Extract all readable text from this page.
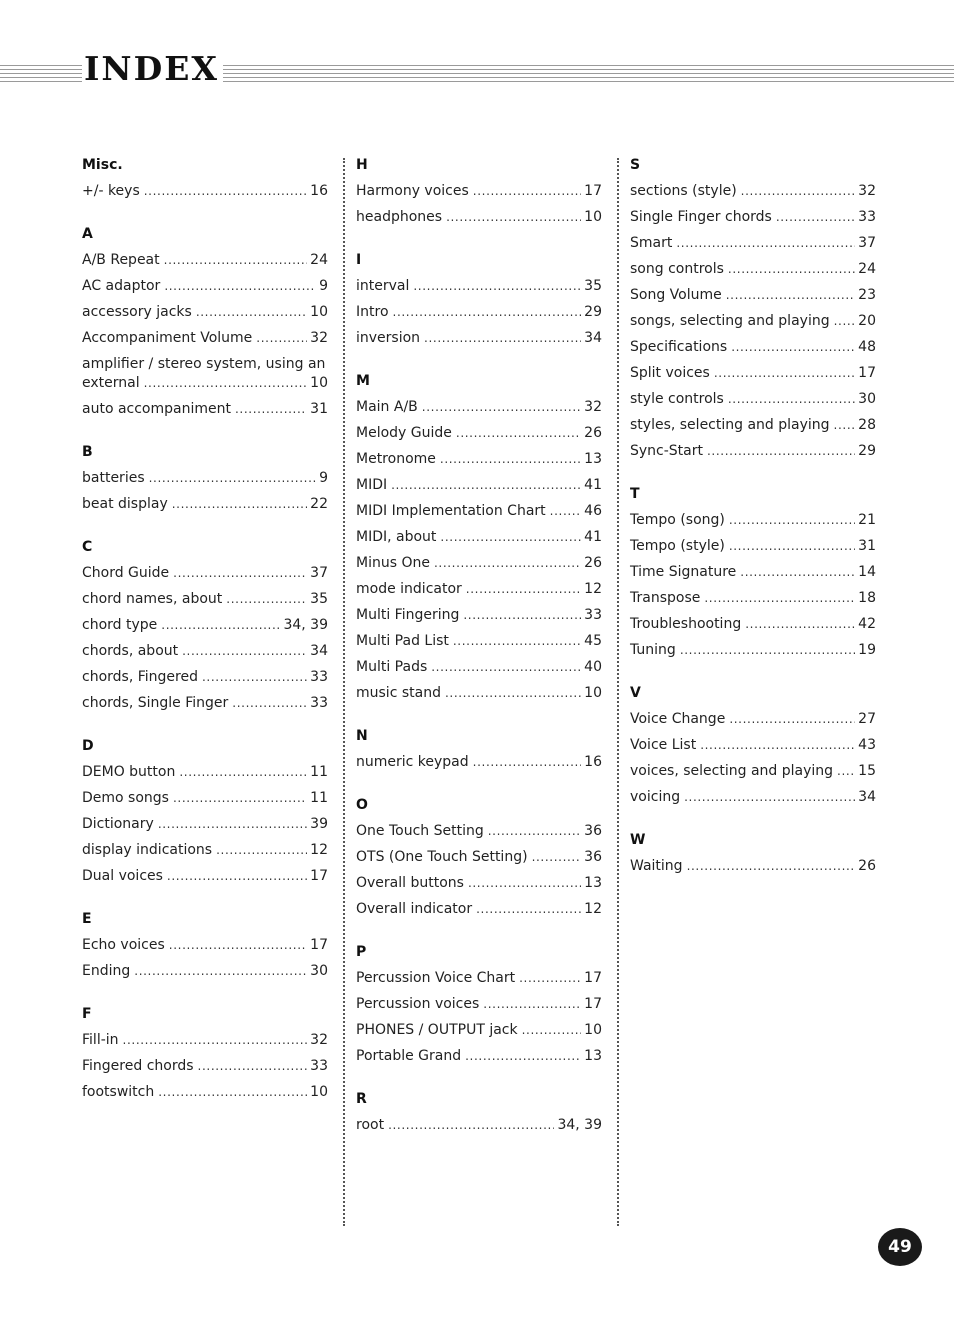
INDEX
Misc.
+/- keys . . .	16
A
A/B Repeat . . .	24
AC adaptor . . .	9
accessory jacks . . .	10
Accompaniment Volume . . .	32
amplifier / stereo system, using an
external . . .	10
auto accompaniment . . .	31
B
batteries . . .	9
beat display . . .	22
C
Chord Guide . . .	37
chord names, about . . .	35
chord type . . .	34, 39
chords, about . . .	34
chords, Fingered . . .	33
chords, Single Finger . . .	33
D
DEMO button . . .	11
Demo songs . . .	11
Dictionary . . .	39
display indications . . .	12
Dual voices . . .	17
E
Echo voices . . .	17
Ending . . .	30
F
Fill-in . . .	32
Fingered chords . . .	33
footswitch . . .	10
H
Harmony voices . . .	17
headphones . . .	10
I
interval . . .	35
Intro . . .	29
inversion . . .	34
M
Main A/B . . .	32
Melody Guide . . .	26
Metronome . . .	13
MIDI . . .	41
MIDI Implementation Chart . . .	46
MIDI, about . . .	41
Minus One . . .	26
mode indicator . . .	12
Multi Fingering . . .	33
Multi Pad List . . .	45
Multi Pads . . .	40
music stand . . .	10
N
numeric keypad . . .	16
O
One Touch Setting . . .	36
OTS (One Touch Setting) . . .	36
Overall buttons . . .	13
Overall indicator . . .	12
P
Percussion Voice Chart . . .	17
Percussion voices . . .	17
PHONES / OUTPUT jack . . .	10
Portable Grand . . .	13
R
root . . .	34, 39
S
sections (style) . . .	32
Single Finger chords . . .	33
Smart . . .	37
song controls . . .	24
Song Volume . . .	23
songs, selecting and playing . . . 20
Specifications . . .	48
Split voices . . .	17
style controls . . .	30
styles, selecting and playing . . . 28
Sync-Start . . .	29
T
Tempo (song) . . .	21
Tempo (style) . . .	31
Time Signature . . .	14
Transpose . . .	18
Troubleshooting . . .	42
Tuning . . .	19
V
Voice Change . . .	27
Voice List . . .	43
voices, selecting and playing . . . 15
voicing . . .	34
W
Waiting . . .	26
49
